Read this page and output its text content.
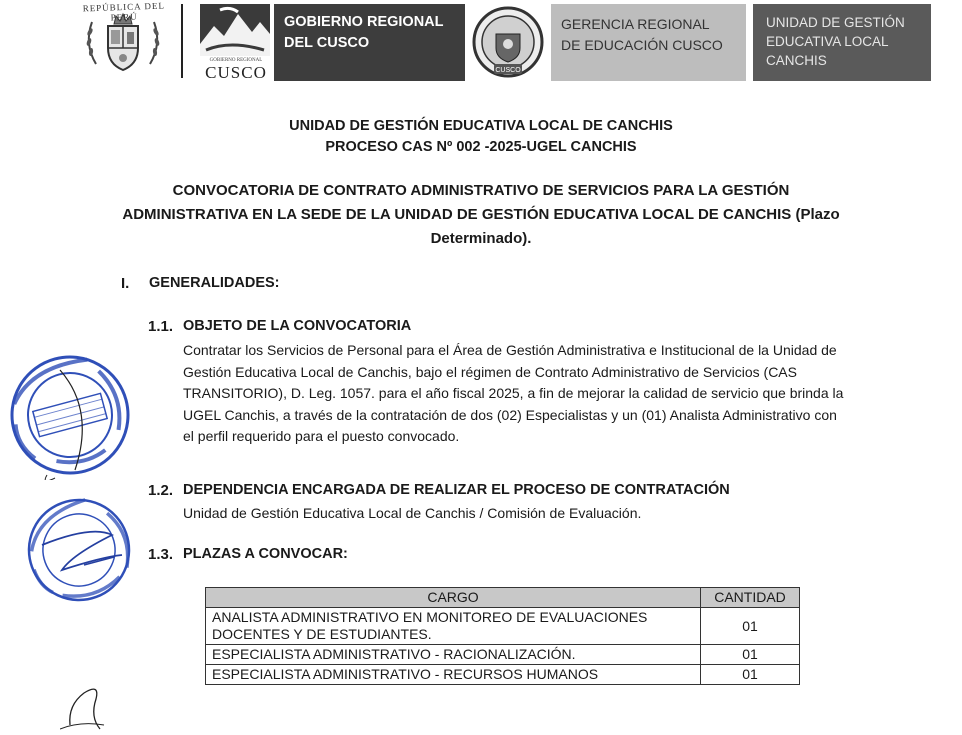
REPÚBLICA DEL PERÚ
GOBIERNO REGIONAL
CUSCO
GOBIERNO REGIONAL
DEL CUSCO
CUSCO
GERENCIA REGIONAL
DE EDUCACIÓN CUSCO
UNIDAD DE GESTIÓN
EDUCATIVA LOCAL
CANCHIS
UNIDAD DE GESTIÓN EDUCATIVA LOCAL DE CANCHIS
PROCESO CAS Nº 002 -2025-UGEL CANCHIS
CONVOCATORIA DE CONTRATO ADMINISTRATIVO DE SERVICIOS PARA LA GESTIÓN
ADMINISTRATIVA EN LA SEDE DE LA UNIDAD DE GESTIÓN EDUCATIVA LOCAL DE CANCHIS (Plazo
Determinado).
I. GENERALIDADES:
1.1. OBJETO DE LA CONVOCATORIA
Contratar los Servicios de Personal para el Área de Gestión Administrativa e Institucional de la Unidad de
Gestión Educativa Local de Canchis, bajo el régimen de Contrato Administrativo de Servicios (CAS
TRANSITORIO), D. Leg. 1057. para el año fiscal 2025, a fin de mejorar la calidad de servicio que brinda la
UGEL Canchis, a través de la contratación de dos (02) Especialistas y un (01) Analista Administrativo con
el perfil requerido para el puesto convocado.
1.2. DEPENDENCIA ENCARGADA DE REALIZAR EL PROCESO DE CONTRATACIÓN
Unidad de Gestión Educativa Local de Canchis / Comisión de Evaluación.
1.3. PLAZAS A CONVOCAR:
CARGO	CANTIDAD

ANALISTA ADMINISTRATIVO EN MONITOREO DE EVALUACIONES
DOCENTES Y DE ESTUDIANTES.	01
ESPECIALISTA ADMINISTRATIVO - RACIONALIZACIÓN.	01
ESPECIALISTA ADMINISTRATIVO - RECURSOS HUMANOS	01
